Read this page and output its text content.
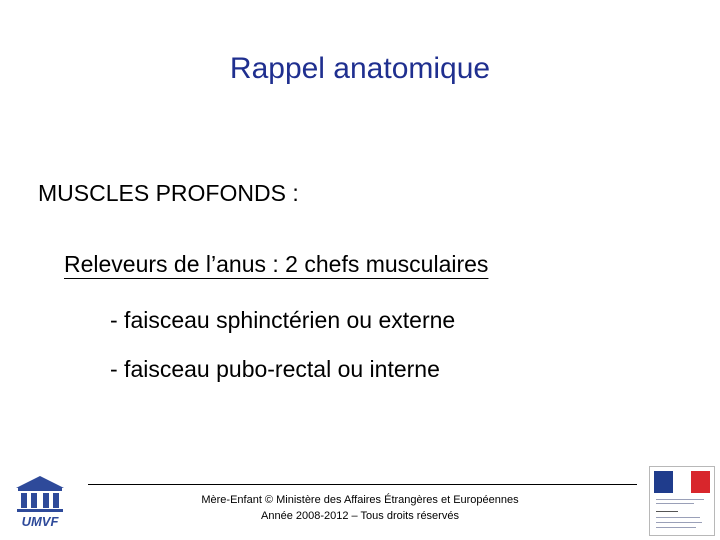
Rappel anatomique
MUSCLES PROFONDS :
Releveurs de l’anus : 2 chefs musculaires
- faisceau sphinctérien ou externe
- faisceau pubo-rectal ou interne
UMVF
Mère-Enfant © Ministère des Affaires Étrangères et Européennes
Année 2008-2012 – Tous droits réservés
